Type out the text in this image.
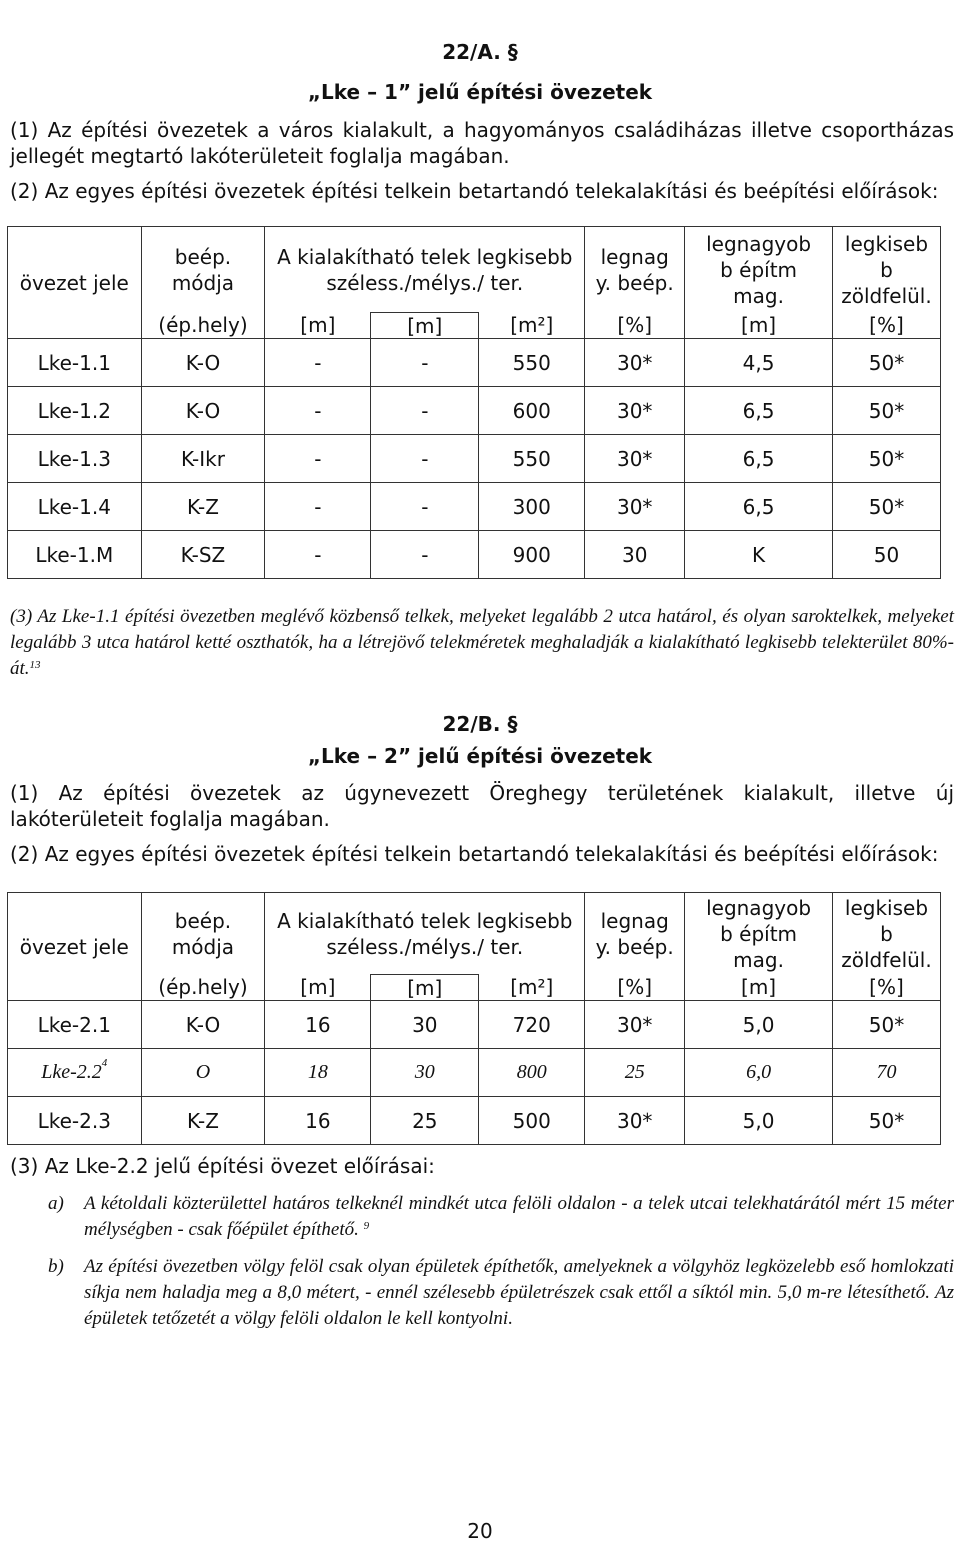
22/A. §
„Lke – 1” jelű építési övezetek
(1) Az építési övezetek a város kialakult, a hagyományos családiházas illetve csoportházas jellegét megtartó lakóterületeit foglalja magában.
(2) Az egyes építési övezetek építési telkein betartandó telekalakítási és beépítési előírások:
övezet jele	beép. módja	A kialakítható telek legkisebb széless./mélys./ ter.			legnag y. beép.	legnagyob b építm mag.	legkiseb b zöldfelül.

	(ép.hely)	[m]	[m]	[m²]	[%]	[m]	[%]
Lke-1.1	K-O	-	-	550	30*	4,5	50*
Lke-1.2	K-O	-	-	600	30*	6,5	50*
Lke-1.3	K-Ikr	-	-	550	30*	6,5	50*
Lke-1.4	K-Z	-	-	300	30*	6,5	50*
Lke-1.M	K-SZ	-	-	900	30	K	50
(3) Az Lke-1.1 építési övezetben meglévő közbenső telkek, melyeket legalább 2 utca határol, és olyan saroktelkek, melyeket legalább 3 utca határol ketté oszthatók, ha a létrejövő telekméretek meghaladják a kialakítható legkisebb telekterület 80%-át.$^{13}$
22/B. §
„Lke – 2” jelű építési övezetek
(1) Az építési övezetek az úgynevezett Öreghegy területének kialakult, illetve új lakóterületeit foglalja magában.
(2) Az egyes építési övezetek építési telkein betartandó telekalakítási és beépítési előírások:
övezet jele	beép. módja	A kialakítható telek legkisebb széless./mélys./ ter.			legnag y. beép.	legnagyob b építm mag.	legkiseb b zöldfelül.

	(ép.hely)	[m]	[m]	[m²]	[%]	[m]	[%]
Lke-2.1	K-O	16	30	720	30*	5,0	50*
Lke-$2.2^4$	O	18	30	800	25	6,0	70
Lke-2.3	K-Z	16	25	500	30*	5,0	50*
(3) Az Lke-2.2 jelű építési övezet előírásai:
a)	A kétoldali közterülettel határos telkeknél mindkét utca felöli oldalon - a telek utcai telekhatárától mért 15 méter mélységben - csak főépület építhető. $^9$
b)	Az építési övezetben völgy felöl csak olyan épületek építhetők, amelyeknek a völgyhöz legközelebb eső homlokzati síkja nem haladja meg a 8,0 métert, - ennél szélesebb épületrészek csak ettől a síktól min. 5,0 m-re létesíthető. Az épületek tetőzetét a völgy felöli oldalon le kell kontyolni.
20
